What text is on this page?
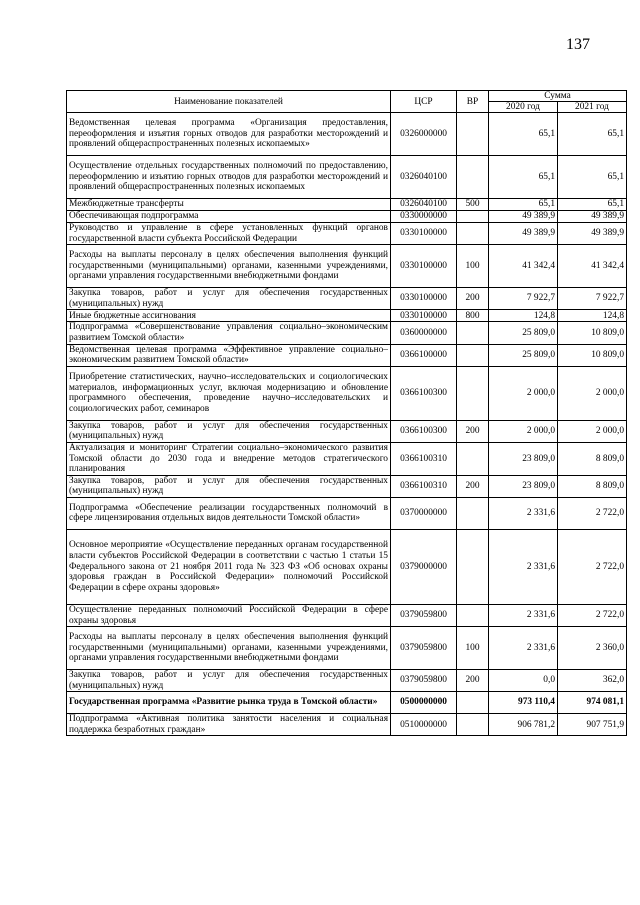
137
Наименование показателей	ЦСР	ВР	Сумма	
			2020 год	2021 год
Ведомственная целевая программа «Организация предоставления, переоформления и изъятия горных отводов для разработки месторождений и проявлений общераспространенных полезных ископаемых»	0326000000		65,1	65,1
Осуществление отдельных государственных полномочий по предоставлению, переоформлению и изъятию горных отводов для разработки месторождений и проявлений общераспространенных полезных ископаемых	0326040100		65,1	65,1
Межбюджетные трансферты	0326040100	500	65,1	65,1
Обеспечивающая подпрограмма	0330000000		49 389,9	49 389,9
Руководство и управление в сфере установленных функций органов государственной власти субъекта Российской Федерации	0330100000		49 389,9	49 389,9
Расходы на выплаты персоналу в целях обеспечения выполнения функций государственными (муниципальными) органами, казенными учреждениями, органами управления государственными внебюджетными фондами	0330100000	100	41 342,4	41 342,4
Закупка товаров, работ и услуг для обеспечения государственных (муниципальных) нужд	0330100000	200	7 922,7	7 922,7
Иные бюджетные ассигнования	0330100000	800	124,8	124,8
Подпрограмма «Совершенствование управления социально–экономическим развитием Томской области»	0360000000		25 809,0	10 809,0
Ведомственная целевая программа «Эффективное управление социально–экономическим развитием Томской области»	0366100000		25 809,0	10 809,0
Приобретение статистических, научно–исследовательских и социологических материалов, информационных услуг, включая модернизацию и обновление программного обеспечения, проведение научно–исследовательских и социологических работ, семинаров	0366100300		2 000,0	2 000,0
Закупка товаров, работ и услуг для обеспечения государственных (муниципальных) нужд	0366100300	200	2 000,0	2 000,0
Актуализация и мониторинг Стратегии социально–экономического развития Томской области до 2030 года и внедрение методов стратегического планирования	0366100310		23 809,0	8 809,0
Закупка товаров, работ и услуг для обеспечения государственных (муниципальных) нужд	0366100310	200	23 809,0	8 809,0
Подпрограмма «Обеспечение реализации государственных полномочий в сфере лицензирования отдельных видов деятельности Томской области»	0370000000		2 331,6	2 722,0
Основное мероприятие «Осуществление переданных органам государственной власти субъектов Российской Федерации в соответствии с частью 1 статьи 15 Федерального закона от 21 ноября 2011 года № 323 ФЗ «Об основах охраны здоровья граждан в Российской Федерации» полномочий Российской Федерации в сфере охраны здоровья»	0379000000		2 331,6	2 722,0
Осуществление переданных полномочий Российской Федерации в сфере охраны здоровья	0379059800		2 331,6	2 722,0
Расходы на выплаты персоналу в целях обеспечения выполнения функций государственными (муниципальными) органами, казенными учреждениями, органами управления государственными внебюджетными фондами	0379059800	100	2 331,6	2 360,0
Закупка товаров, работ и услуг для обеспечения государственных (муниципальных) нужд	0379059800	200	0,0	362,0
Государственная программа «Развитие рынка труда в Томской области»	0500000000		973 110,4	974 081,1
Подпрограмма «Активная политика занятости населения и социальная поддержка безработных граждан»	0510000000		906 781,2	907 751,9
